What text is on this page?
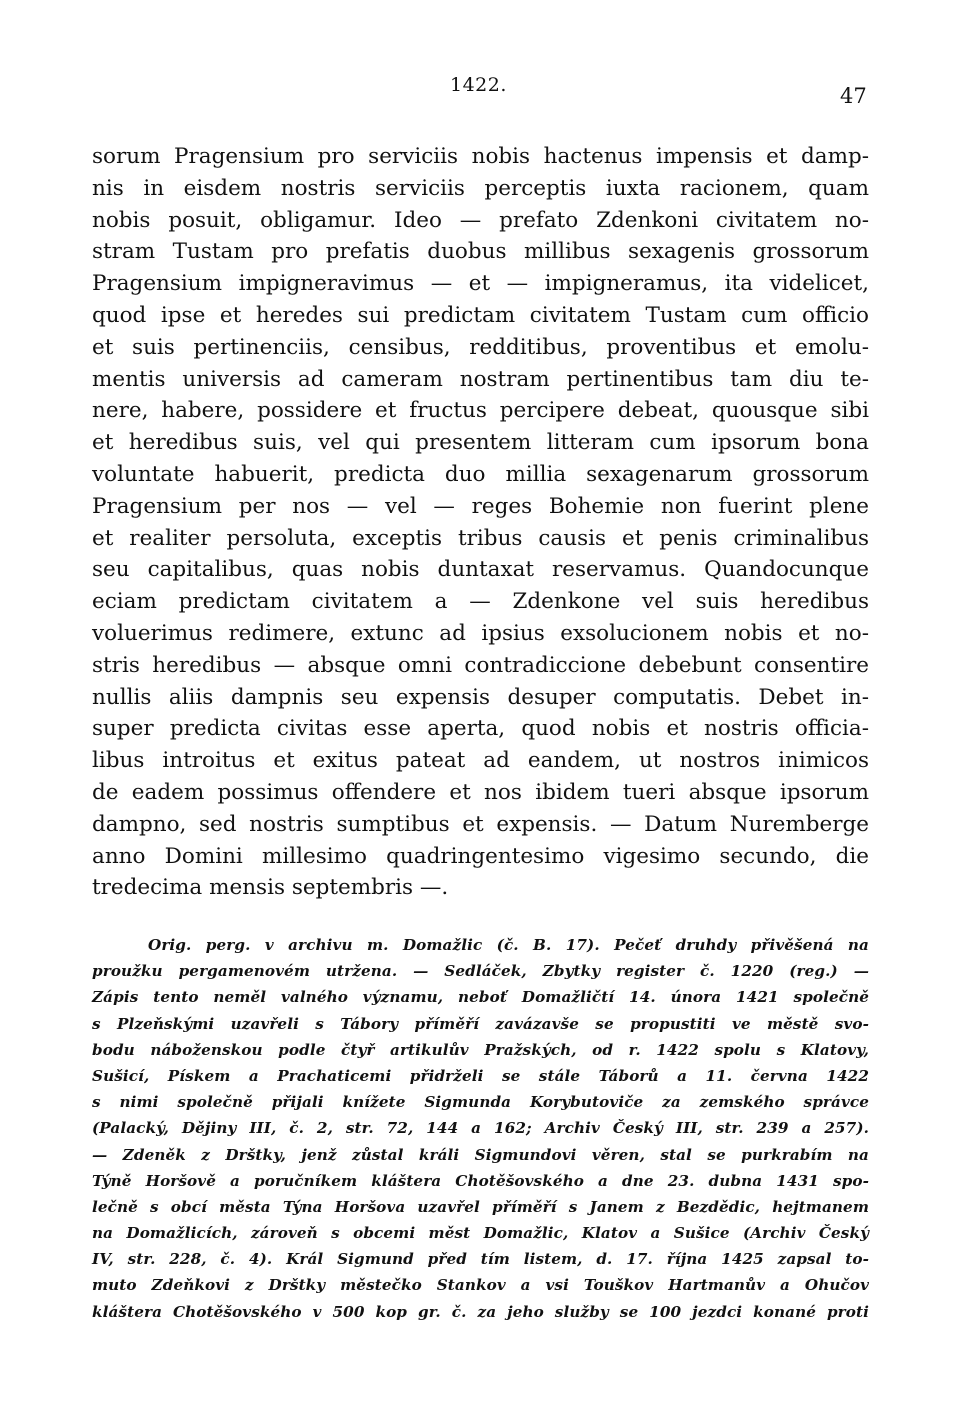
1422.	47
sorum Pragensium pro serviciis nobis hactenus impensis et damp-
nis in eisdem nostris serviciis perceptis iuxta racionem, quam
nobis posuit, obligamur. Ideo — prefato Zdenkoni civitatem no-
stram Tustam pro prefatis duobus millibus sexagenis grossorum
Pragensium impigneravimus — et — impigneramus, ita videlicet,
quod ipse et heredes sui predictam civitatem Tustam cum officio
et suis pertinenciis, censibus, redditibus, proventibus et emolu-
mentis universis ad cameram nostram pertinentibus tam diu te-
nere, habere, possidere et fructus percipere debeat, quousque sibi
et heredibus suis, vel qui presentem litteram cum ipsorum bona
voluntate habuerit, predicta duo millia sexagenarum grossorum
Pragensium per nos — vel — reges Bohemie non fuerint plene
et realiter persoluta, exceptis tribus causis et penis criminalibus
seu capitalibus, quas nobis duntaxat reservamus. Quandocunque
eciam predictam civitatem a — Zdenkone vel suis heredibus
voluerimus redimere, extunc ad ipsius exsolucionem nobis et no-
stris heredibus — absque omni contradiccione debebunt consentire
nullis aliis dampnis seu expensis desuper computatis. Debet in-
super predicta civitas esse aperta, quod nobis et nostris officia-
libus introitus et exitus pateat ad eandem, ut nostros inimicos
de eadem possimus offendere et nos ibidem tueri absque ipsorum
dampno, sed nostris sumptibus et expensis. — Datum Nuremberge
anno Domini millesimo quadringentesimo vigesimo secundo, die
tredecima mensis septembris —.
Orig. perg. v archivu m. Domažlic (č. B. 17). Pečeť druhdy přivěšená na
proužku pergamenovém utržena. — Sedláček, Zbytky register č. 1220 (reg.) —
Zápis tento neměl valného významu, neboť Domažličtí 14. února 1421 společně
s Plzeňskými uzavřeli s Tábory příměří zavázavše se propustiti ve městě svo-
bodu náboženskou podle čtyř artikulův Pražských, od r. 1422 spolu s Klatovy,
Sušicí, Pískem a Prachaticemi přidrželi se stále Táborů a 11. června 1422
s nimi společně přijali knížete Sigmunda Korybutoviče za zemského správce
(Palacký, Dějiny III, č. 2, str. 72, 144 a 162; Archiv Český III, str. 239 a 257).
— Zdeněk z Drštky, jenž zůstal králi Sigmundovi věren, stal se purkrabím na
Týně Horšově a poručníkem kláštera Chotěšovského a dne 23. dubna 1431 spo-
lečně s obcí města Týna Horšova uzavřel příměří s Janem z Bezdědic, hejtmanem
na Domažlicích, zároveň s obcemi měst Domažlic, Klatov a Sušice (Archiv Český
IV, str. 228, č. 4). Král Sigmund před tím listem, d. 17. října 1425 zapsal to-
muto Zdeňkovi z Drštky městečko Stankov a vsi Touškov Hartmanův a Ohučov
kláštera Chotěšovského v 500 kop gr. č. za jeho služby se 100 jezdci konané proti
